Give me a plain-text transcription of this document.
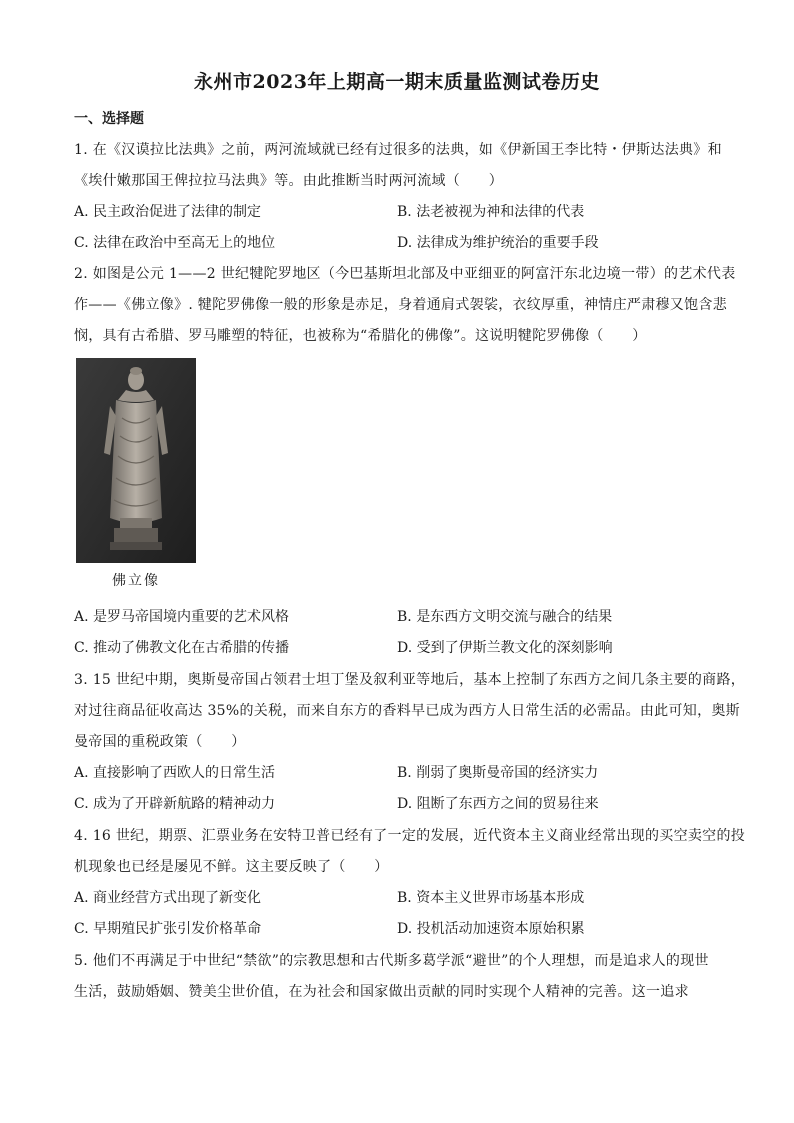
永州市2023年上期高一期末质量监测试卷历史
一、选择题
1. 在《汉谟拉比法典》之前，两河流域就已经有过很多的法典，如《伊新国王李比特・伊斯达法典》和
《埃什嫩那国王俾拉拉马法典》等。由此推断当时两河流域（　　）
A. 民主政治促进了法律的制定	B. 法老被视为神和法律的代表
C. 法律在政治中至高无上的地位	D. 法律成为维护统治的重要手段
2. 如图是公元 1——2 世纪犍陀罗地区（今巴基斯坦北部及中亚细亚的阿富汗东北边境一带）的艺术代表
作——《佛立像》. 犍陀罗佛像一般的形象是赤足，身着通肩式袈裟，衣纹厚重，神情庄严肃穆又饱含悲
悯，具有古希腊、罗马雕塑的特征，也被称为“希腊化的佛像”。这说明犍陀罗佛像（　　）
佛立像
A. 是罗马帝国境内重要的艺术风格	B. 是东西方文明交流与融合的结果
C. 推动了佛教文化在古希腊的传播	D. 受到了伊斯兰教文化的深刻影响
3. 15 世纪中期，奥斯曼帝国占领君士坦丁堡及叙利亚等地后，基本上控制了东西方之间几条主要的商路，
对过往商品征收高达 35%的关税，而来自东方的香料早已成为西方人日常生活的必需品。由此可知，奥斯
曼帝国的重税政策（　　）
A. 直接影响了西欧人的日常生活	B. 削弱了奥斯曼帝国的经济实力
C. 成为了开辟新航路的精神动力	D. 阻断了东西方之间的贸易往来
4. 16 世纪，期票、汇票业务在安特卫普已经有了一定的发展，近代资本主义商业经常出现的买空卖空的投
机现象也已经是屡见不鲜。这主要反映了（　　）
A. 商业经营方式出现了新变化	B. 资本主义世界市场基本形成
C. 早期殖民扩张引发价格革命	D. 投机活动加速资本原始积累
5. 他们不再满足于中世纪“禁欲”的宗教思想和古代斯多葛学派“避世”的个人理想，而是追求人的现世
生活，鼓励婚姻、赞美尘世价值，在为社会和国家做出贡献的同时实现个人精神的完善。这一追求
